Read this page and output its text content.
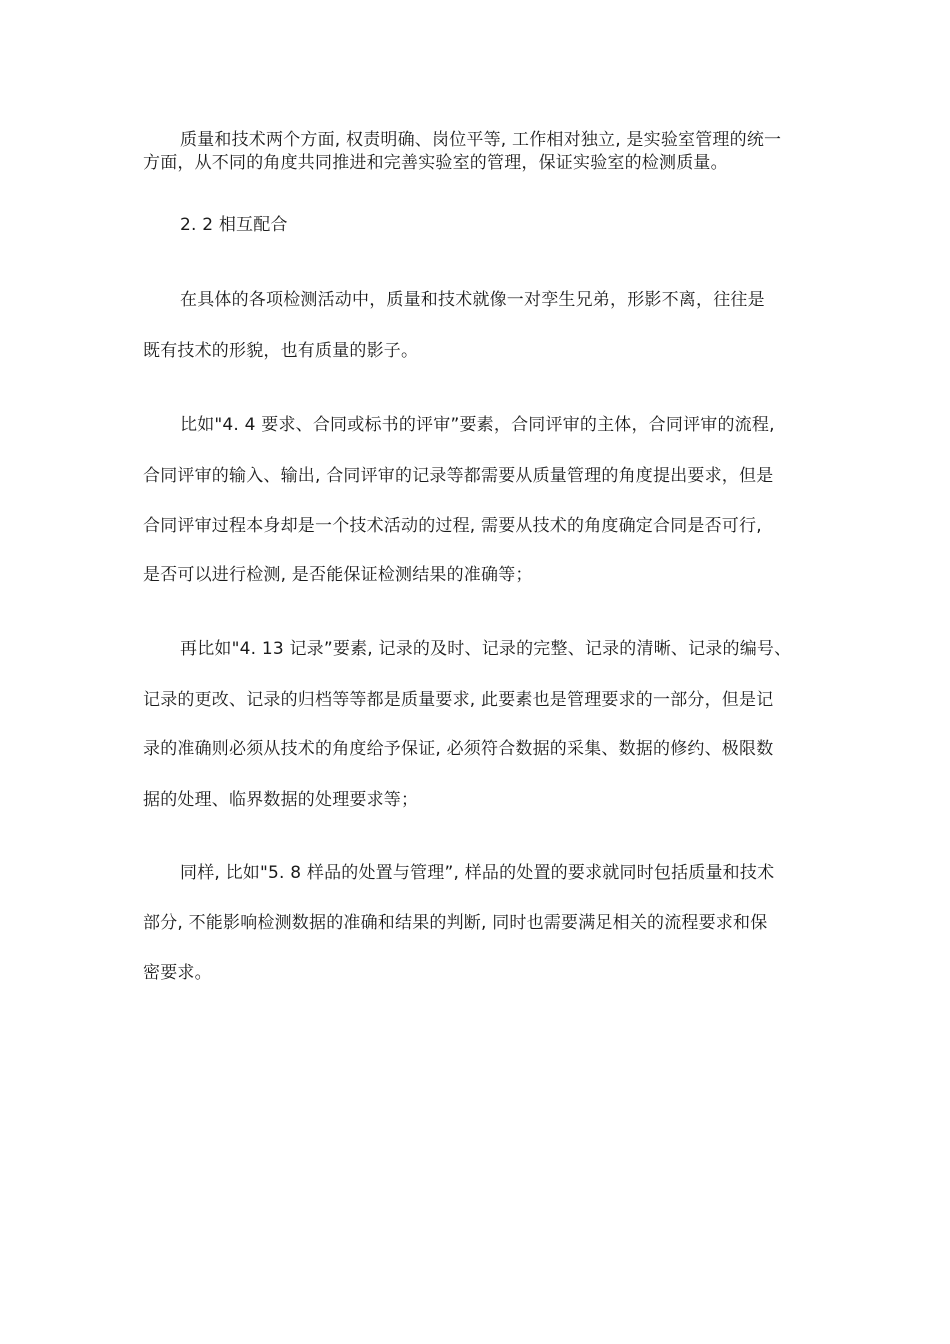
质量和技术两个方面, 权责明确、岗位平等, 工作相对独立, 是实验室管理的统一
方面，从不同的角度共同推进和完善实验室的管理，保证实验室的检测质量。
2. 2 相互配合
在具体的各项检测活动中，质量和技术就像一对孪生兄弟，形影不离，往往是
既有技术的形貌，也有质量的影子。
比如"4. 4 要求、合同或标书的评审”要素，合同评审的主体，合同评审的流程,
合同评审的输入、输出, 合同评审的记录等都需要从质量管理的角度提出要求，但是
合同评审过程本身却是一个技术活动的过程, 需要从技术的角度确定合同是否可行,
是否可以进行检测, 是否能保证检测结果的准确等；
再比如"4. 13 记录”要素, 记录的及时、记录的完整、记录的清晰、记录的编号、
记录的更改、记录的归档等等都是质量要求, 此要素也是管理要求的一部分，但是记
录的准确则必须从技术的角度给予保证, 必须符合数据的采集、数据的修约、极限数
据的处理、临界数据的处理要求等；
同样, 比如"5. 8 样品的处置与管理”, 样品的处置的要求就同时包括质量和技术
部分, 不能影响检测数据的准确和结果的判断, 同时也需要满足相关的流程要求和保
密要求。
